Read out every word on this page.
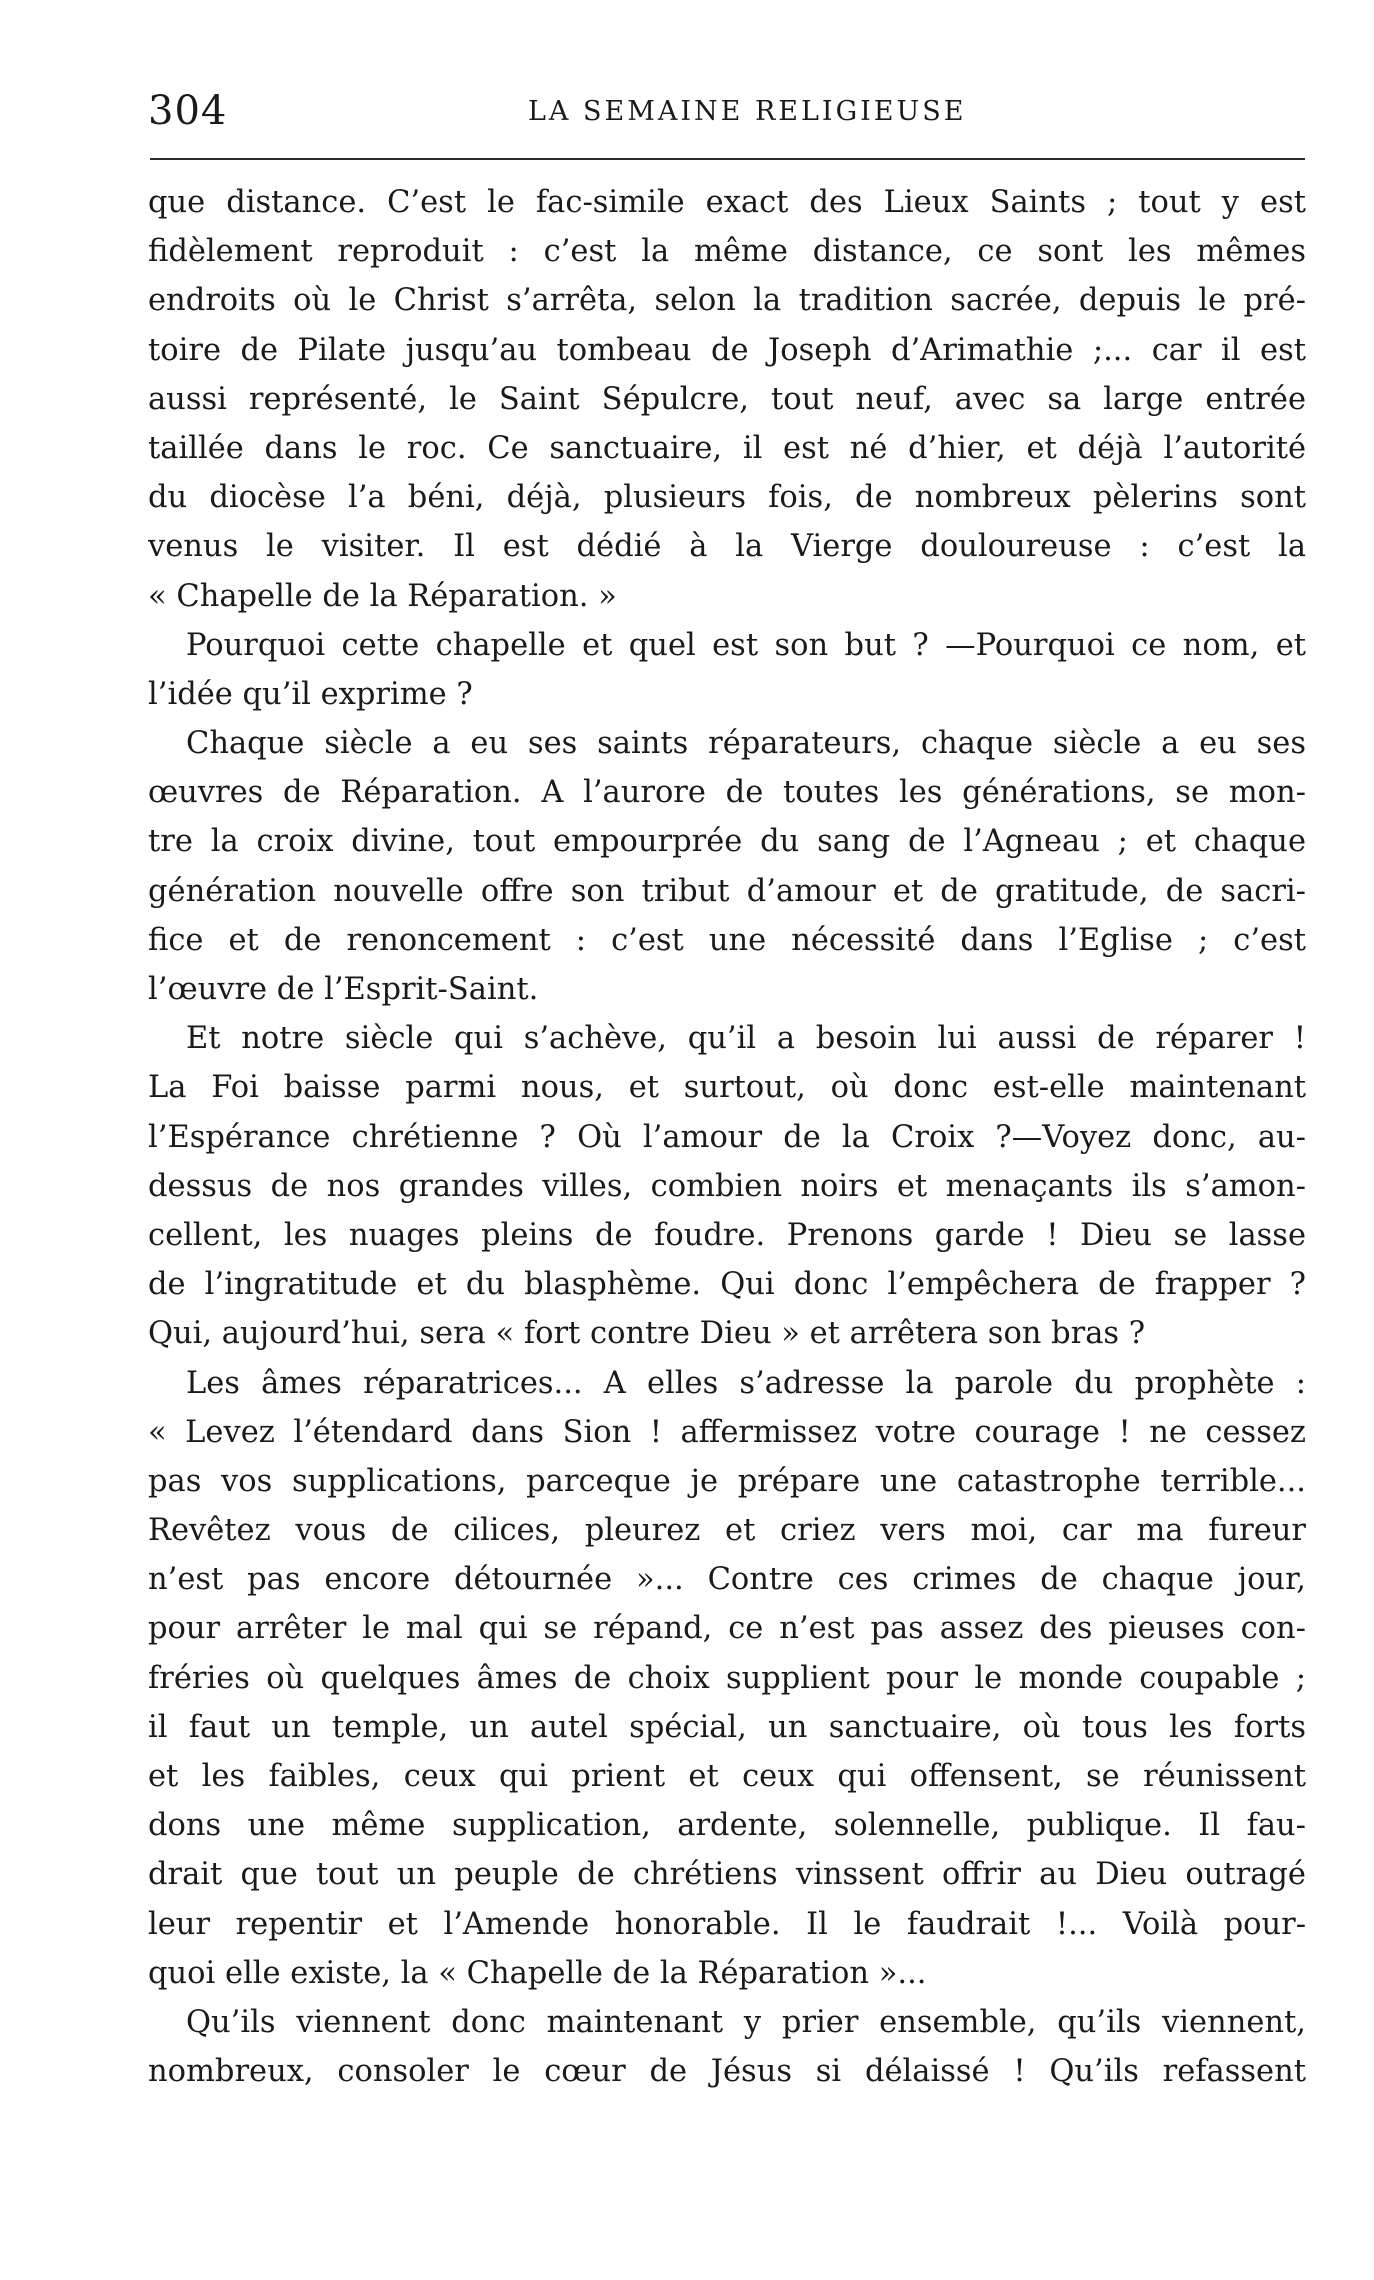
304	LA SEMAINE RELIGIEUSE
que distance. C’est le fac-simile exact des Lieux Saints ; tout y est
fidèlement reproduit : c’est la même distance, ce sont les mêmes
endroits où le Christ s’arrêta, selon la tradition sacrée, depuis le pré-
toire de Pilate jusqu’au tombeau de Joseph d’Arimathie ;... car il est
aussi représenté, le Saint Sépulcre, tout neuf, avec sa large entrée
taillée dans le roc. Ce sanctuaire, il est né d’hier, et déjà l’autorité
du diocèse l’a béni, déjà, plusieurs fois, de nombreux pèlerins sont
venus le visiter. Il est dédié à la Vierge douloureuse : c’est la
« Chapelle de la Réparation. »
Pourquoi cette chapelle et quel est son but ? —Pourquoi ce nom, et
l’idée qu’il exprime ?
Chaque siècle a eu ses saints réparateurs, chaque siècle a eu ses
œuvres de Réparation. A l’aurore de toutes les générations, se mon-
tre la croix divine, tout empourprée du sang de l’Agneau ; et chaque
génération nouvelle offre son tribut d’amour et de gratitude, de sacri-
fice et de renoncement : c’est une nécessité dans l’Eglise ; c’est
l’œuvre de l’Esprit-Saint.
Et notre siècle qui s’achève, qu’il a besoin lui aussi de réparer !
La Foi baisse parmi nous, et surtout, où donc est-elle maintenant
l’Espérance chrétienne ? Où l’amour de la Croix ?—Voyez donc, au-
dessus de nos grandes villes, combien noirs et menaçants ils s’amon-
cellent, les nuages pleins de foudre. Prenons garde ! Dieu se lasse
de l’ingratitude et du blasphème. Qui donc l’empêchera de frapper ?
Qui, aujourd’hui, sera « fort contre Dieu » et arrêtera son bras ?
Les âmes réparatrices... A elles s’adresse la parole du prophète :
« Levez l’étendard dans Sion ! affermissez votre courage ! ne cessez
pas vos supplications, parceque je prépare une catastrophe terrible...
Revêtez vous de cilices, pleurez et criez vers moi, car ma fureur
n’est pas encore détournée »... Contre ces crimes de chaque jour,
pour arrêter le mal qui se répand, ce n’est pas assez des pieuses con-
fréries où quelques âmes de choix supplient pour le monde coupable ;
il faut un temple, un autel spécial, un sanctuaire, où tous les forts
et les faibles, ceux qui prient et ceux qui offensent, se réunissent
dons une même supplication, ardente, solennelle, publique. Il fau-
drait que tout un peuple de chrétiens vinssent offrir au Dieu outragé
leur repentir et l’Amende honorable. Il le faudrait !... Voilà pour-
quoi elle existe, la « Chapelle de la Réparation »...
Qu’ils viennent donc maintenant y prier ensemble, qu’ils viennent,
nombreux, consoler le cœur de Jésus si délaissé ! Qu’ils refassent
